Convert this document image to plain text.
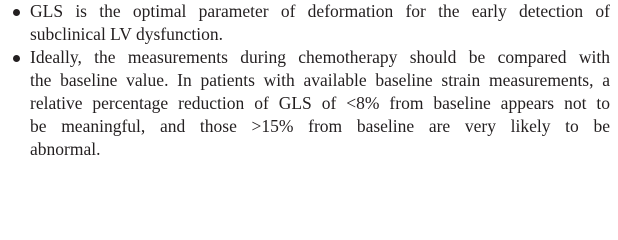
GLS is the optimal parameter of deformation for the early detection of
subclinical LV dysfunction.
Ideally, the measurements during chemotherapy should be compared with
the baseline value. In patients with available baseline strain measurements, a
relative percentage reduction of GLS of <8% from baseline appears not to
be meaningful, and those >15% from baseline are very likely to be
abnormal.
